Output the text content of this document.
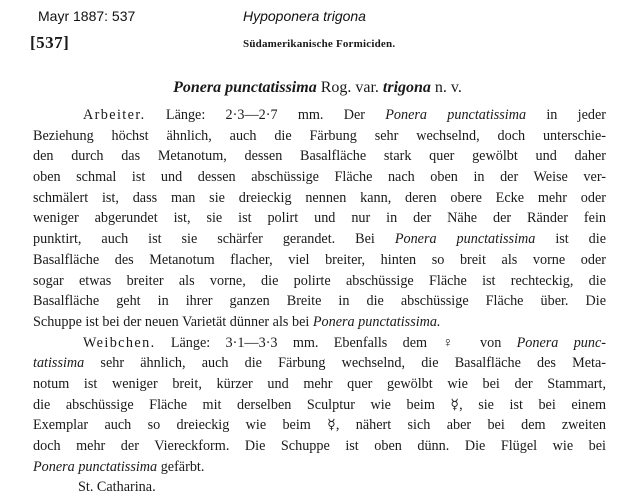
Mayr 1887: 537	Hypoponera trigona
[537]	Südamerikanische Formiciden.
Ponera punctatissima Rog. var. trigona n. v.
Arbeiter. Länge: 2·3—2·7 mm. Der Ponera punctatissima in jeder
Beziehung höchst ähnlich, auch die Färbung sehr wechselnd, doch unterschie-
den durch das Metanotum, dessen Basalfläche stark quer gewölbt und daher
oben schmal ist und dessen abschüssige Fläche nach oben in der Weise ver-
schmälert ist, dass man sie dreieckig nennen kann, deren obere Ecke mehr oder
weniger abgerundet ist, sie ist polirt und nur in der Nähe der Ränder fein
punktirt, auch ist sie schärfer gerandet. Bei Ponera punctatissima ist die
Basalfläche des Metanotum flacher, viel breiter, hinten so breit als vorne oder
sogar etwas breiter als vorne, die polirte abschüssige Fläche ist rechteckig, die
Basalfläche geht in ihrer ganzen Breite in die abschüssige Fläche über. Die
Schuppe ist bei der neuen Varietät dünner als bei Ponera punctatissima.
Weibchen. Länge: 3·1—3·3 mm. Ebenfalls dem ♀ von Ponera punc-
tatissima sehr ähnlich, auch die Färbung wechselnd, die Basalfläche des Meta-
notum ist weniger breit, kürzer und mehr quer gewölbt wie bei der Stammart,
die abschüssige Fläche mit derselben Sculptur wie beim ☿, sie ist bei einem
Exemplar auch so dreieckig wie beim ☿, nähert sich aber bei dem zweiten
doch mehr der Viereckform. Die Schuppe ist oben dünn. Die Flügel wie bei
Ponera punctatissima gefärbt.
St. Catharina.
